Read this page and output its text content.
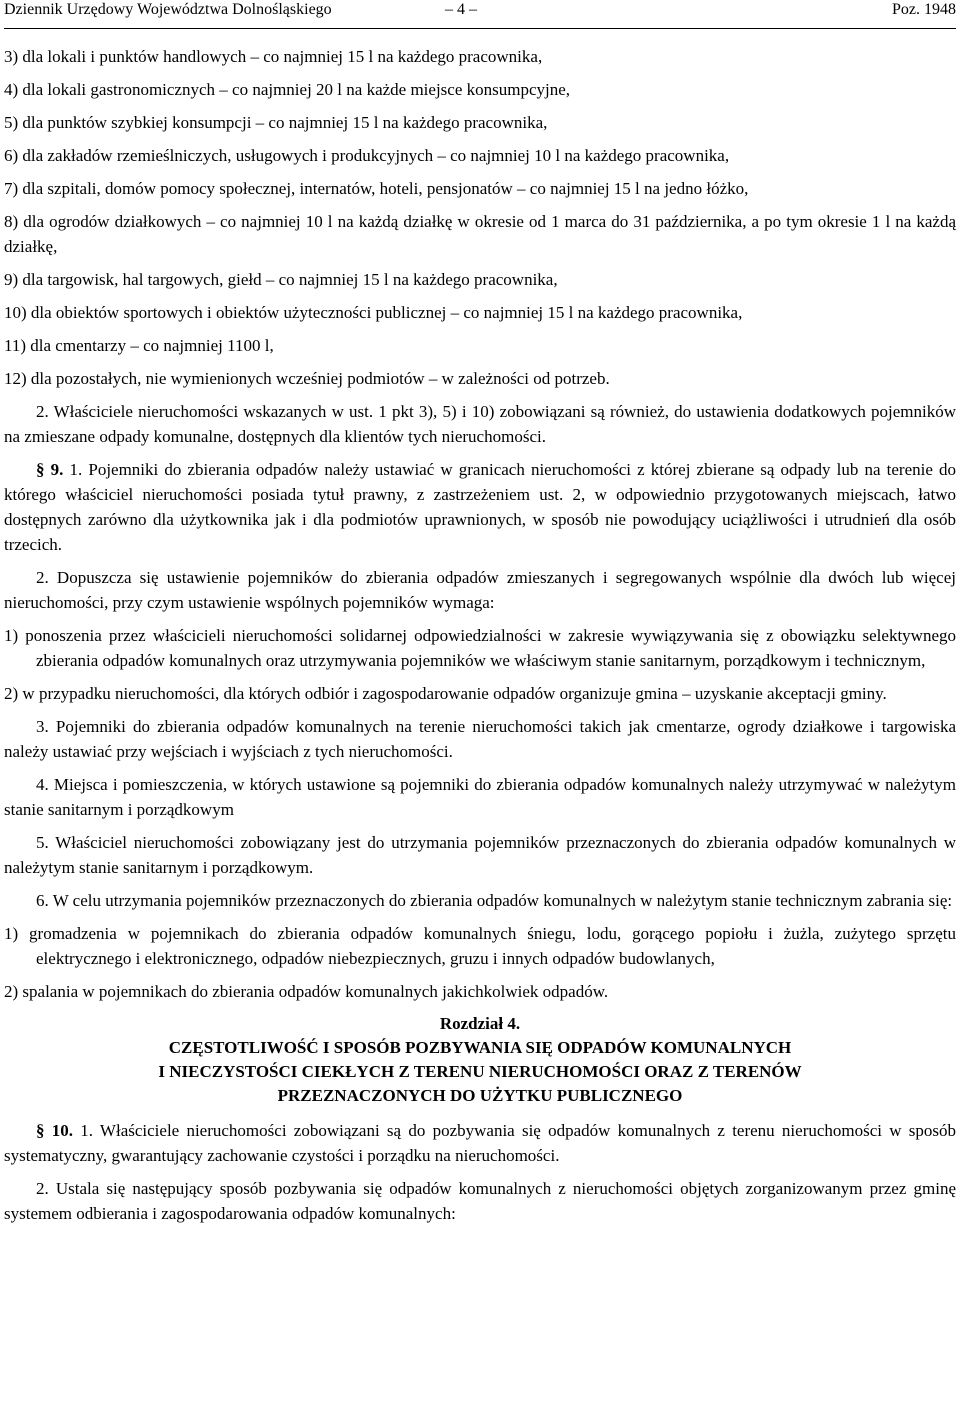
Dziennik Urzędowy Województwa Dolnośląskiego	– 4 –	Poz. 1948
3) dla lokali i punktów handlowych – co najmniej 15 l na każdego pracownika,
4) dla lokali gastronomicznych – co najmniej 20 l na każde miejsce konsumpcyjne,
5) dla punktów szybkiej konsumpcji – co najmniej 15 l na każdego pracownika,
6) dla zakładów rzemieślniczych, usługowych i produkcyjnych – co najmniej 10 l na każdego pracownika,
7) dla szpitali, domów pomocy społecznej, internatów, hoteli, pensjonatów – co najmniej 15 l na jedno łóżko,
8) dla ogrodów działkowych – co najmniej 10 l na każdą działkę w okresie od 1 marca do 31 października, a po tym okresie 1 l na każdą działkę,
9) dla targowisk, hal targowych, giełd – co najmniej 15 l na każdego pracownika,
10) dla obiektów sportowych i obiektów użyteczności publicznej – co najmniej 15 l na każdego pracownika,
11) dla cmentarzy – co najmniej 1100 l,
12) dla pozostałych, nie wymienionych wcześniej podmiotów – w zależności od potrzeb.
2. Właściciele nieruchomości wskazanych w ust. 1 pkt 3), 5) i 10) zobowiązani są również, do ustawienia dodatkowych pojemników na zmieszane odpady komunalne, dostępnych dla klientów tych nieruchomości.
§ 9. 1. Pojemniki do zbierania odpadów należy ustawiać w granicach nieruchomości z której zbierane są odpady lub na terenie do którego właściciel nieruchomości posiada tytuł prawny, z zastrzeżeniem ust. 2, w odpowiednio przygotowanych miejscach, łatwo dostępnych zarówno dla użytkownika jak i dla podmiotów uprawnionych, w sposób nie powodujący uciążliwości i utrudnień dla osób trzecich.
2. Dopuszcza się ustawienie pojemników do zbierania odpadów zmieszanych i segregowanych wspólnie dla dwóch lub więcej nieruchomości, przy czym ustawienie wspólnych pojemników wymaga:
1) ponoszenia przez właścicieli nieruchomości solidarnej odpowiedzialności w zakresie wywiązywania się z obowiązku selektywnego zbierania odpadów komunalnych oraz utrzymywania pojemników we właściwym stanie sanitarnym, porządkowym i technicznym,
2) w przypadku nieruchomości, dla których odbiór i zagospodarowanie odpadów organizuje gmina – uzyskanie akceptacji gminy.
3. Pojemniki do zbierania odpadów komunalnych na terenie nieruchomości takich jak cmentarze, ogrody działkowe i targowiska należy ustawiać przy wejściach i wyjściach z tych nieruchomości.
4. Miejsca i pomieszczenia, w których ustawione są pojemniki do zbierania odpadów komunalnych należy utrzymywać w należytym stanie sanitarnym i porządkowym
5. Właściciel nieruchomości zobowiązany jest do utrzymania pojemników przeznaczonych do zbierania odpadów komunalnych w należytym stanie sanitarnym i porządkowym.
6. W celu utrzymania pojemników przeznaczonych do zbierania odpadów komunalnych w należytym stanie technicznym zabrania się:
1) gromadzenia w pojemnikach do zbierania odpadów komunalnych śniegu, lodu, gorącego popiołu i żużla, zużytego sprzętu elektrycznego i elektronicznego, odpadów niebezpiecznych, gruzu i innych odpadów budowlanych,
2) spalania w pojemnikach do zbierania odpadów komunalnych jakichkolwiek odpadów.
Rozdział 4.
CZĘSTOTLIWOŚĆ I SPOSÓB POZBYWANIA SIĘ ODPADÓW KOMUNALNYCH
I NIECZYSTOŚCI CIEKŁYCH Z TERENU NIERUCHOMOŚCI ORAZ Z TERENÓW
PRZEZNACZONYCH DO UŻYTKU PUBLICZNEGO
§ 10. 1. Właściciele nieruchomości zobowiązani są do pozbywania się odpadów komunalnych z terenu nieruchomości w sposób systematyczny, gwarantujący zachowanie czystości i porządku na nieruchomości.
2. Ustala się następujący sposób pozbywania się odpadów komunalnych z nieruchomości objętych zorganizowanym przez gminę systemem odbierania i zagospodarowania odpadów komunalnych:
